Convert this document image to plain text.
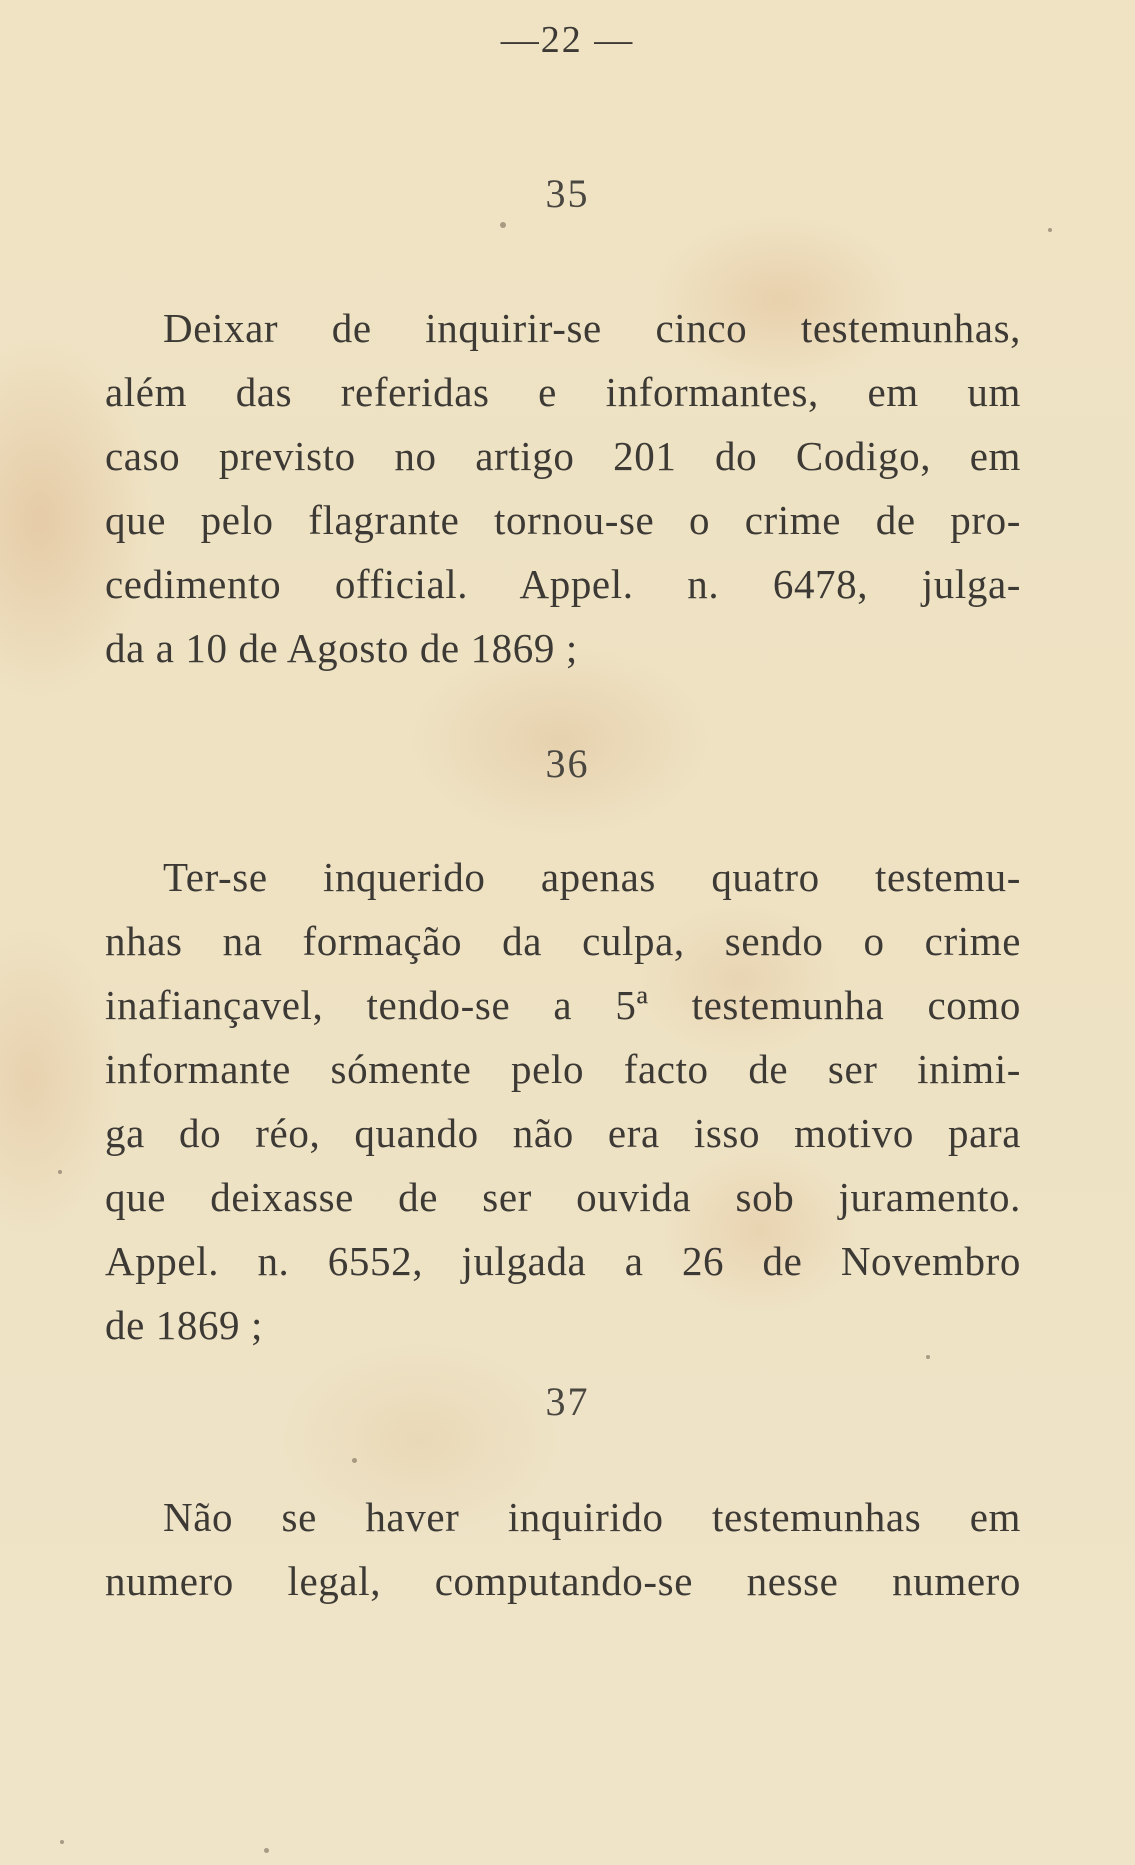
—22 —
35
Deixar de inquirir-se cinco testemunhas,
além das referidas e informantes, em um
caso previsto no artigo 201 do Codigo, em
que pelo flagrante tornou-se o crime de pro-
cedimento official. Appel. n. 6478, julga-
da a 10 de Agosto de 1869 ;
36
Ter-se inquerido apenas quatro testemu-
nhas na formação da culpa, sendo o crime
inafiançavel, tendo-se a 5ª testemunha como
informante sómente pelo facto de ser inimi-
ga do réo, quando não era isso motivo para
que deixasse de ser ouvida sob juramento.
Appel. n. 6552, julgada a 26 de Novembro
de 1869 ;
37
Não se haver inquirido testemunhas em
numero legal, computando-se nesse numero
